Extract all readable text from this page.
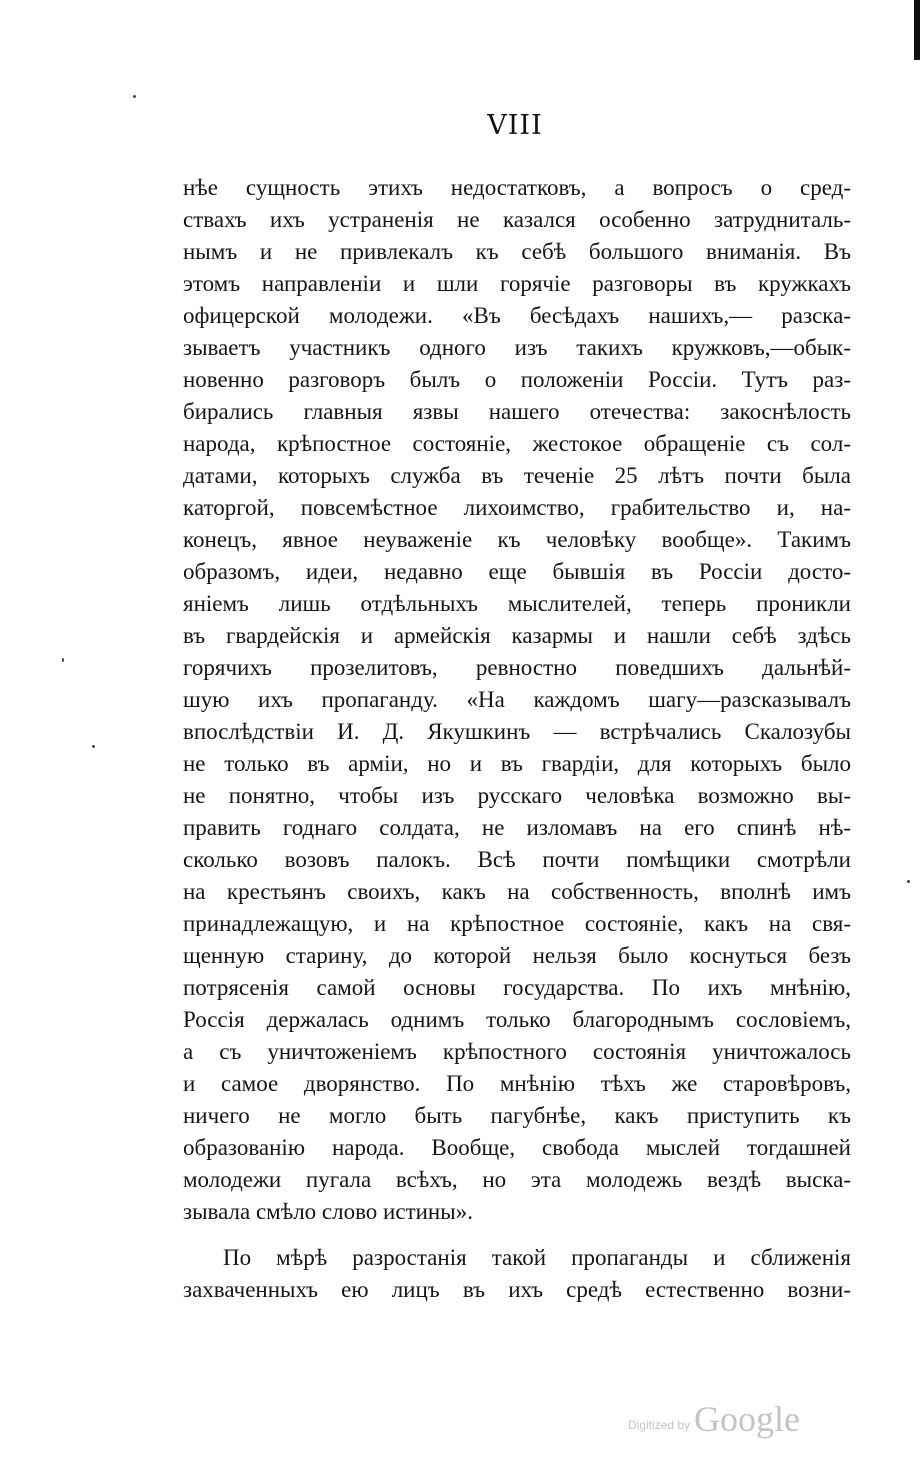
VIII
нѣе сущность этихъ недостатковъ, а вопросъ о сред-
ствахъ ихъ устраненія не казался особенно затрудниталь-
нымъ и не привлекалъ къ себѣ большого вниманія. Въ
этомъ направленіи и шли горячіе разговоры въ кружкахъ
офицерской молодежи. «Въ бесѣдахъ нашихъ,— разска-
зываетъ участникъ одного изъ такихъ кружковъ,—обык-
новенно разговоръ былъ о положеніи Россіи. Тутъ раз-
бирались главныя язвы нашего отечества: закоснѣлость
народа, крѣпостное состояніе, жестокое обращеніе съ сол-
датами, которыхъ служба въ теченіе 25 лѣтъ почти была
каторгой, повсемѣстное лихоимство, грабительство и, на-
конецъ, явное неуваженіе къ человѣку вообще». Такимъ
образомъ, идеи, недавно еще бывшія въ Россіи досто-
яніемъ лишь отдѣльныхъ мыслителей, теперь проникли
въ гвардейскія и армейскія казармы и нашли себѣ здѣсь
горячихъ прозелитовъ, ревностно поведшихъ дальнѣй-
шую ихъ пропаганду. «На каждомъ шагу—разсказывалъ
впослѣдствіи И. Д. Якушкинъ — встрѣчались Скалозубы
не только въ арміи, но и въ гвардіи, для которыхъ было
не понятно, чтобы изъ русскаго человѣка возможно вы-
править годнаго солдата, не изломавъ на его спинѣ нѣ-
сколько возовъ палокъ. Всѣ почти помѣщики смотрѣли
на крестьянъ своихъ, какъ на собственность, вполнѣ имъ
принадлежащую, и на крѣпостное состояніе, какъ на свя-
щенную старину, до которой нельзя было коснуться безъ
потрясенія самой основы государства. По ихъ мнѣнію,
Россія держалась однимъ только благороднымъ сословіемъ,
а съ уничтоженіемъ крѣпостного состоянія уничтожалось
и самое дворянство. По мнѣнію тѣхъ же старовѣровъ,
ничего не могло быть пагубнѣе, какъ приступить къ
образованію народа. Вообще, свобода мыслей тогдашней
молодежи пугала всѣхъ, но эта молодежь вездѣ выска-
зывала смѣло слово истины».
По мѣрѣ разростанія такой пропаганды и сближенія
захваченныхъ ею лицъ въ ихъ средѣ естественно возни-
Digitized by Google
